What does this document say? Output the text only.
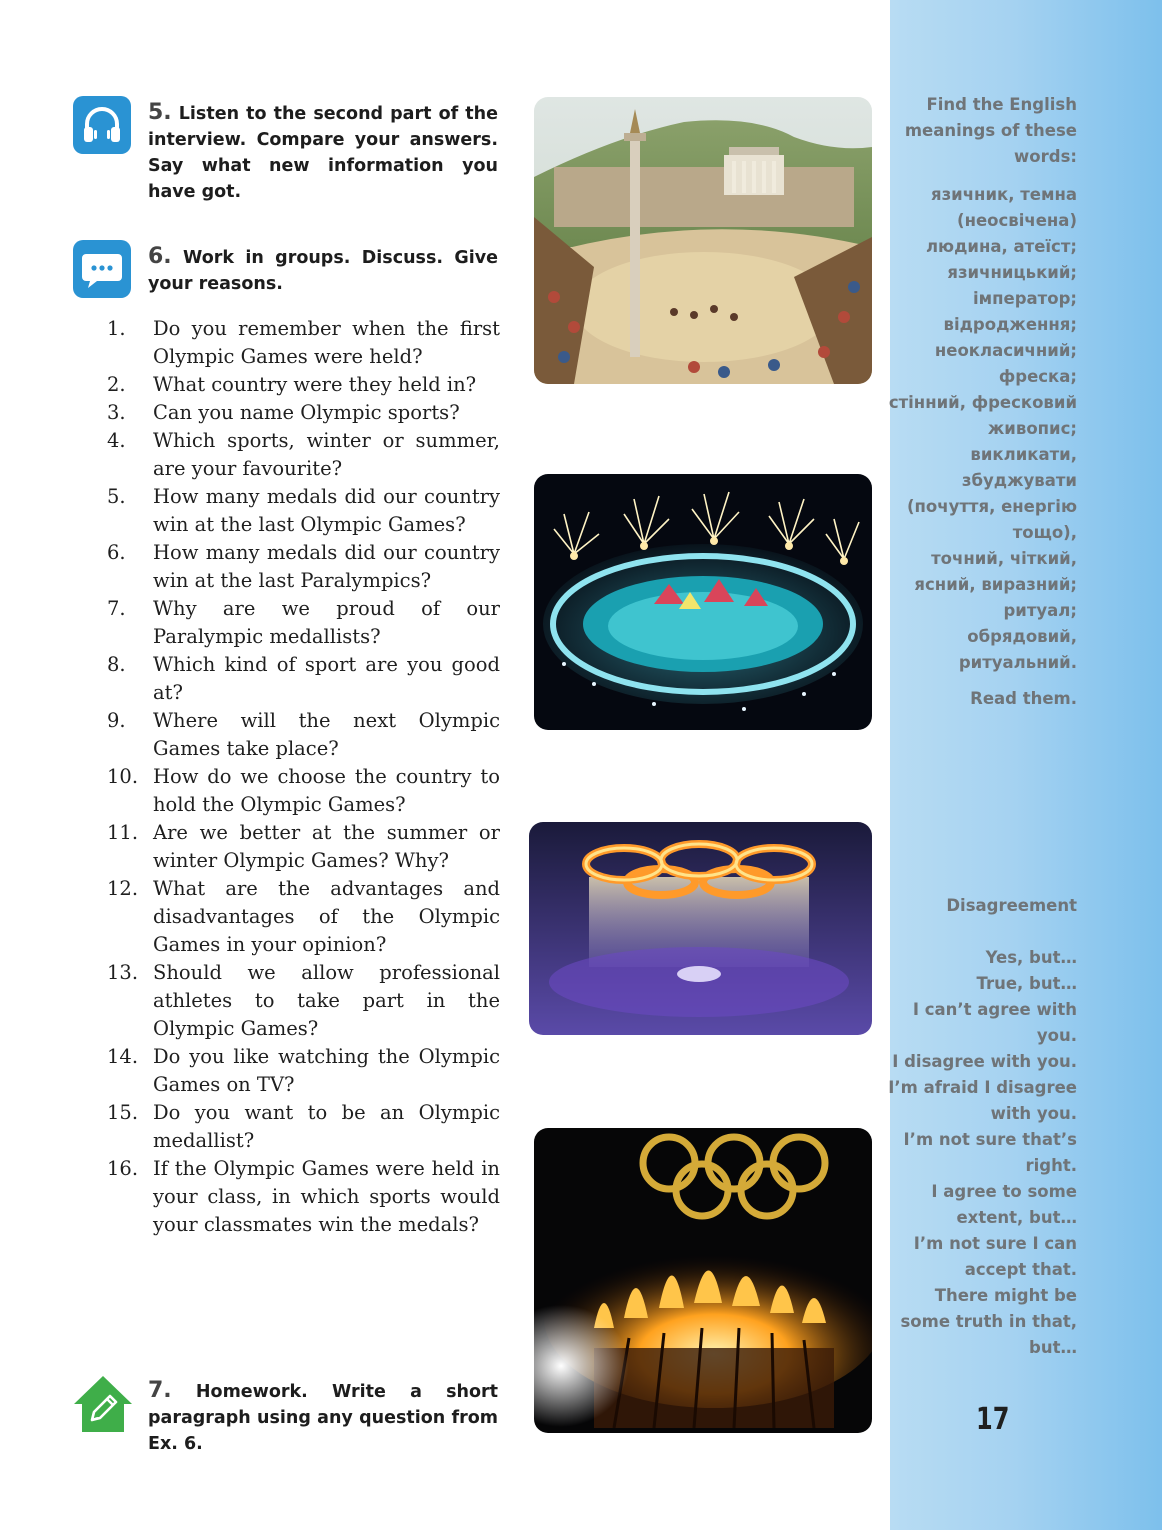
Find the English
meanings of these
words:
язичник, темна
(неосвічена)
людина, атеїст;
язичницький;
імператор;
відродження;
неокласичний;
фреска;
стінний, фресковий
живопис;
викликати,
збуджувати
(почуття, енергію
тощо),
точний, чіткий,
ясний, виразний;
ритуал;
обрядовий,
ритуальний.
Read them.
Disagreement
Yes, but…
True, but…
I can’t agree with
you.
I disagree with you.
I’m afraid I disagree
with you.
I’m not sure that’s
right.
I agree to some
extent, but…
I’m not sure I can
accept that.
There might be
some truth in that,
but…
17
5. Listen to the second part of the interview. Compare your answers. Say what new information you have got.
6. Work in groups. Discuss. Give your reasons.
1. Do you remember when the first Olympic Games were held?
2. What country were they held in?
3. Can you name Olympic sports?
4. Which sports, winter or summer, are your favourite?
5. How many medals did our country win at the last Olympic Games?
6. How many medals did our country win at the last Paralympics?
7. Why are we proud of our Paralympic medallists?
8. Which kind of sport are you good at?
9. Where will the next Olympic Games take place?
10. How do we choose the country to hold the Olympic Games?
11. Are we better at the summer or winter Olympic Games? Why?
12. What are the advantages and disadvantages of the Olympic Games in your opinion?
13. Should we allow professional athletes to take part in the Olympic Games?
14. Do you like watching the Olympic Games on TV?
15. Do you want to be an Olympic medallist?
16. If the Olympic Games were held in your class, in which sports would your classmates win the medals?
7. Homework. Write a short paragraph using any question from Ex. 6.
